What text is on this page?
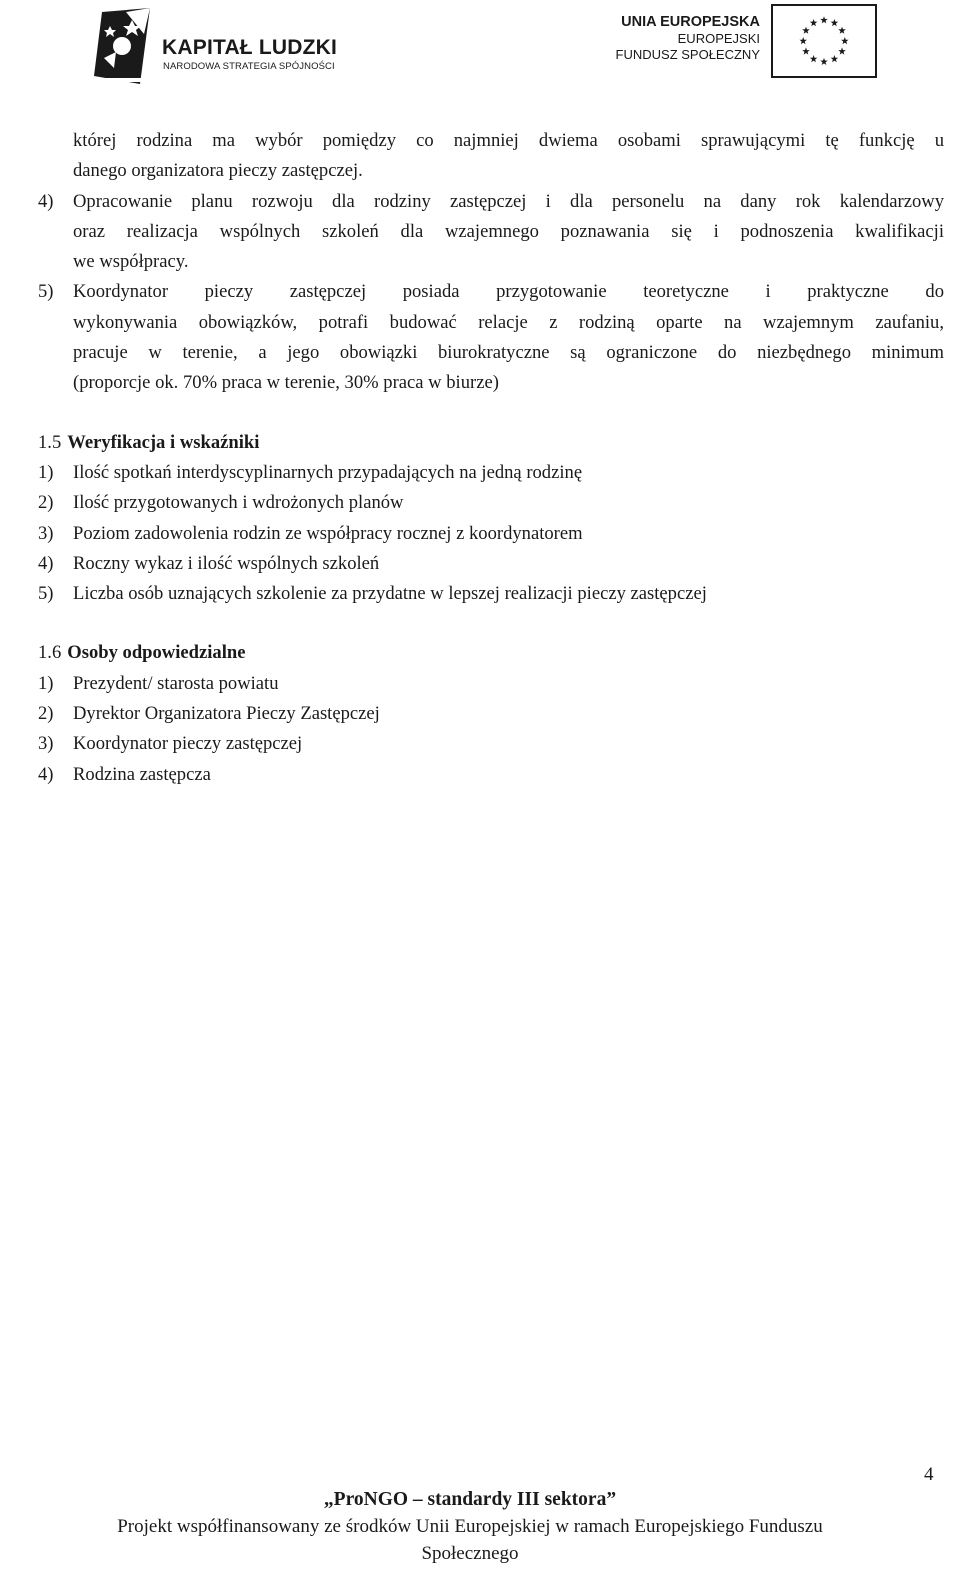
KAPITAŁ LUDZKI
NARODOWA STRATEGIA SPÓJNOŚCI
UNIA EUROPEJSKA
EUROPEJSKI
FUNDUSZ SPOŁECZNY
której rodzina ma wybór pomiędzy co najmniej dwiema osobami sprawującymi tę funkcję u
danego organizatora pieczy zastępczej.
4)	Opracowanie planu rozwoju dla rodziny zastępczej i dla personelu na dany rok kalendarzowy
oraz realizacja wspólnych szkoleń dla wzajemnego poznawania się i podnoszenia kwalifikacji
we współpracy.
5)	Koordynator pieczy zastępczej posiada przygotowanie teoretyczne i praktyczne do
wykonywania obowiązków, potrafi budować relacje z rodziną oparte na wzajemnym zaufaniu,
pracuje w terenie, a jego obowiązki biurokratyczne są ograniczone do niezbędnego minimum
(proporcje ok. 70% praca w terenie, 30% praca w biurze)
1.5 Weryfikacja i wskaźniki
1)	Ilość spotkań interdyscyplinarnych przypadających na jedną rodzinę
2)	Ilość przygotowanych i wdrożonych planów
3)	Poziom zadowolenia rodzin ze współpracy rocznej z koordynatorem
4)	Roczny wykaz i ilość wspólnych szkoleń
5)	Liczba osób uznających szkolenie za przydatne w lepszej realizacji pieczy zastępczej
1.6 Osoby odpowiedzialne
1)	Prezydent/ starosta powiatu
2)	Dyrektor Organizatora Pieczy Zastępczej
3)	Koordynator pieczy zastępczej
4)	Rodzina zastępcza
4
„ProNGO – standardy III sektora”
Projekt współfinansowany ze środków Unii Europejskiej w ramach Europejskiego Funduszu
Społecznego
